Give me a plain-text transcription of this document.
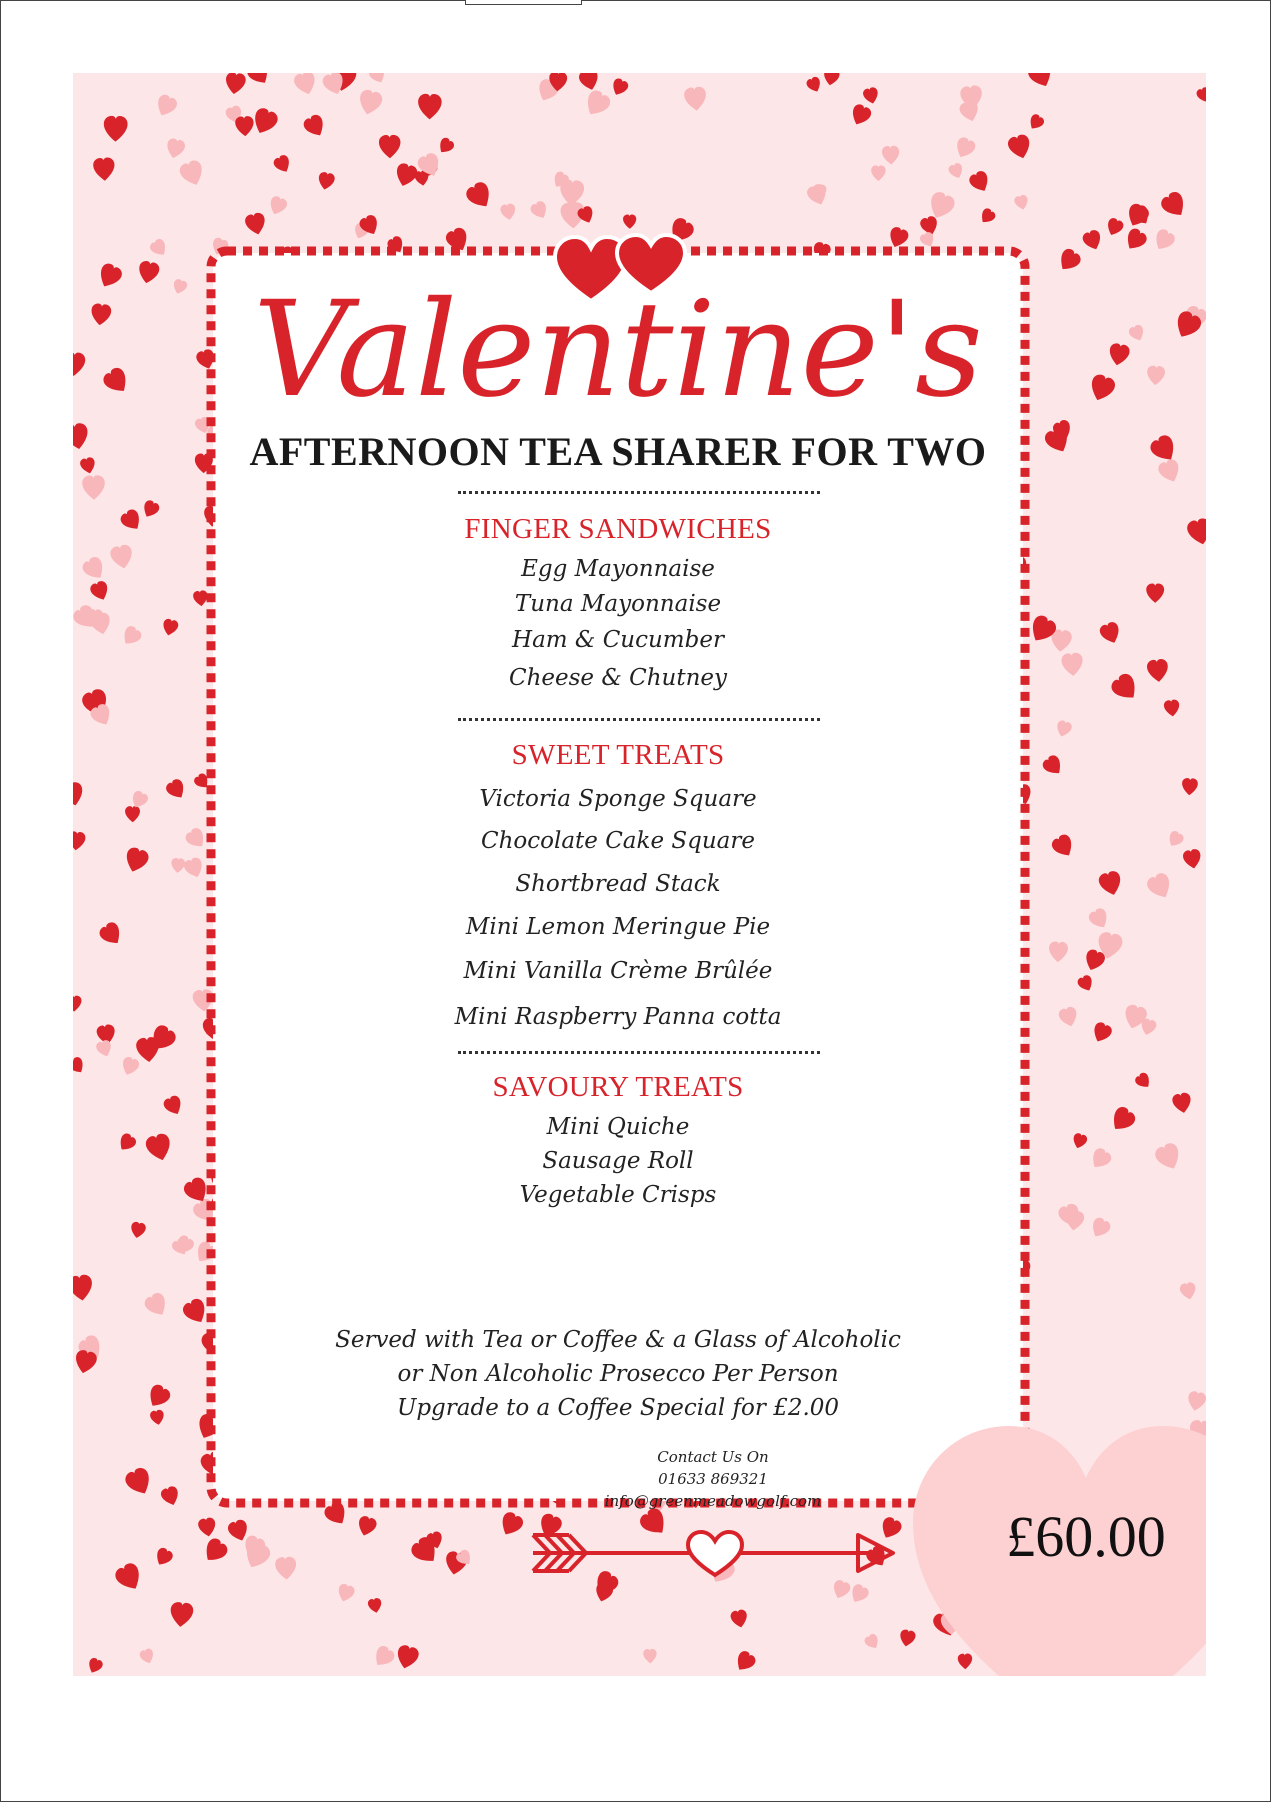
Valentine's
AFTERNOON TEA SHARER FOR TWO
FINGER SANDWICHES

Egg Mayonnaise

Tuna Mayonnaise

Ham & Cucumber

Cheese & Chutney

SWEET TREATS

Victoria Sponge Square

Chocolate Cake Square

Shortbread Stack

Mini Lemon Meringue Pie

Mini Vanilla Crème Brûlée

Mini Raspberry Panna cotta

SAVOURY TREATS

Mini Quiche

Sausage Roll

Vegetable Crisps

Served with Tea or Coffee & a Glass of Alcoholic

or Non Alcoholic Prosecco Per Person

Upgrade to a Coffee Special for £2.00

Contact Us On

01633 869321

info@greenmeadowgolf.com

£60.00
